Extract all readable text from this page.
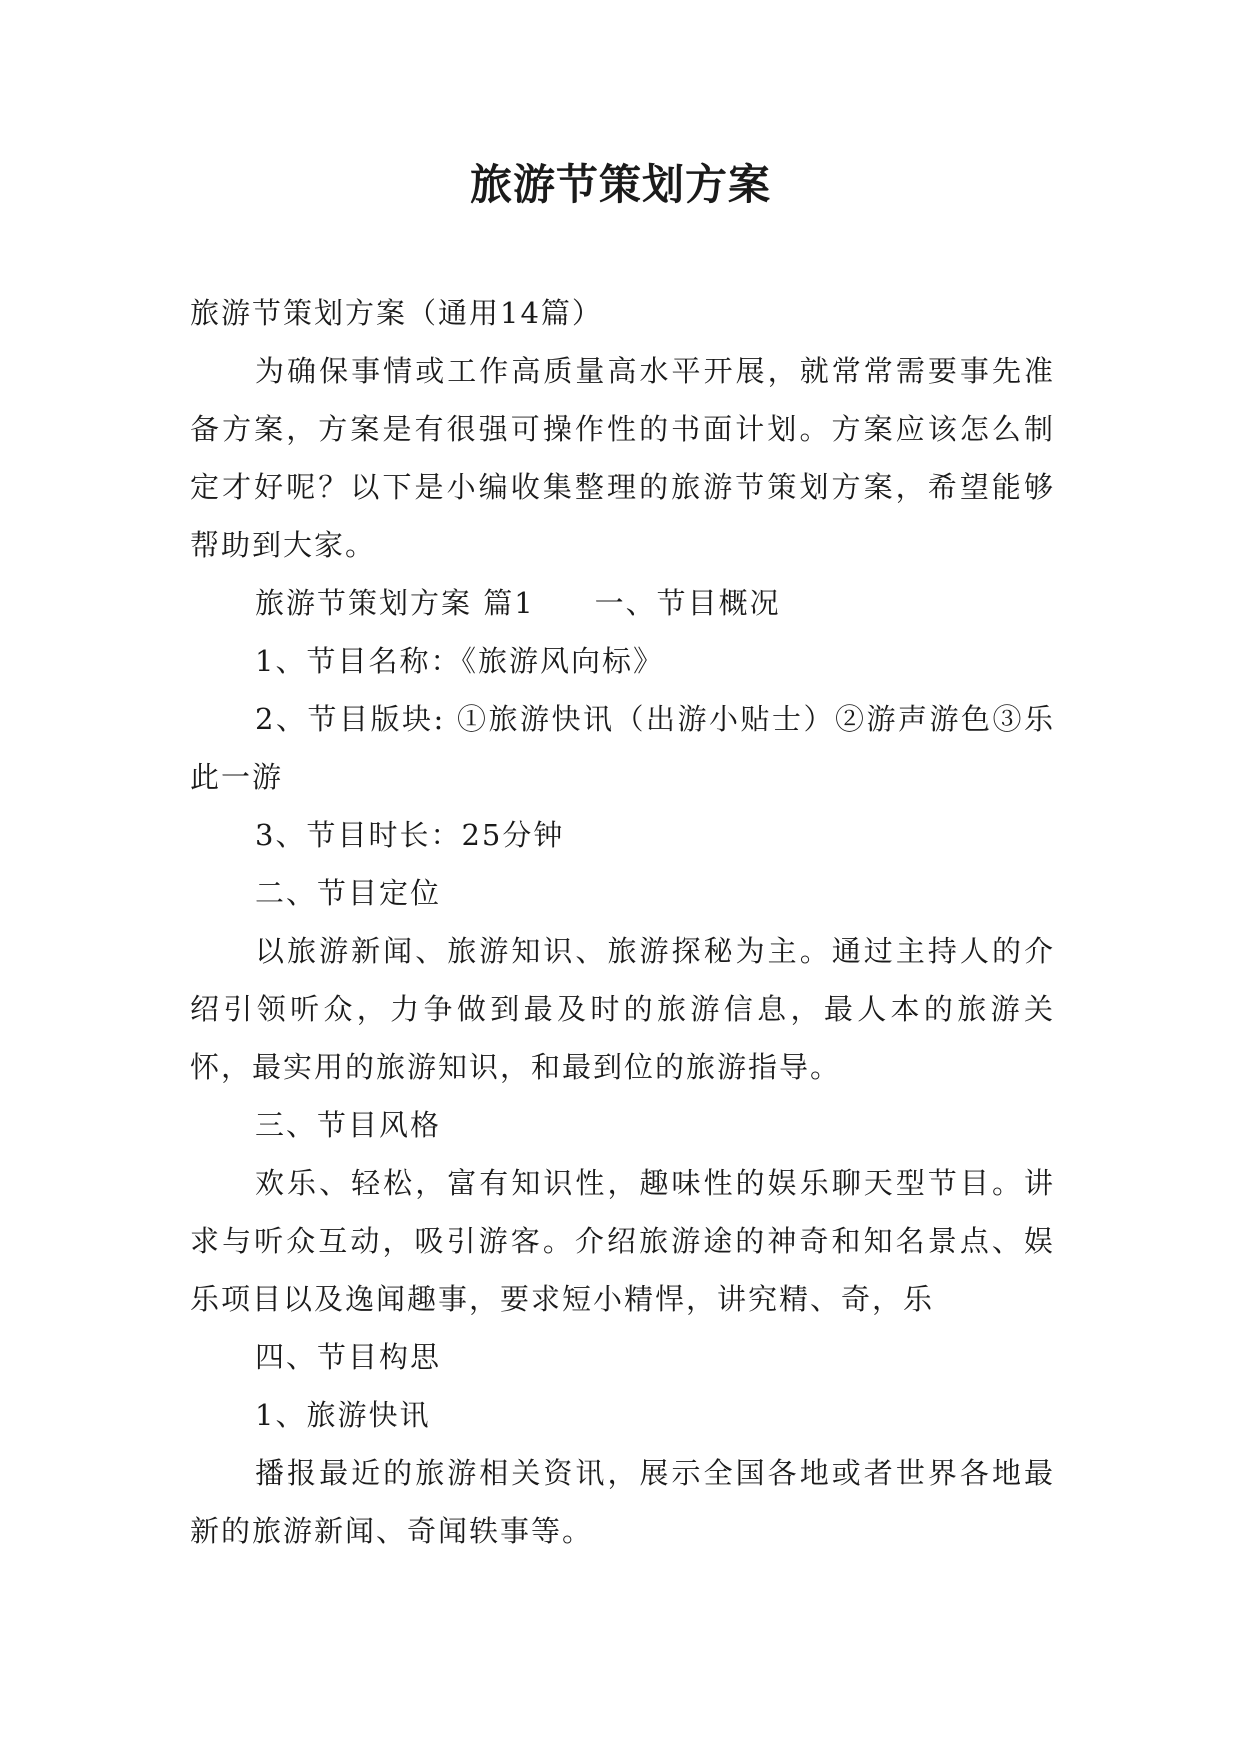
旅游节策划方案

旅游节策划方案（通用14篇）

为确保事情或工作高质量高水平开展，就常常需要事先准备方案，方案是有很强可操作性的书面计划。方案应该怎么制定才好呢？以下是小编收集整理的旅游节策划方案，希望能够帮助到大家。

旅游节策划方案 篇1 一、节目概况

1、节目名称：《旅游风向标》

2、节目版块: ①旅游快讯（出游小贴士）②游声游色③乐此一游

3、节目时长：25分钟

二、节目定位

以旅游新闻、旅游知识、旅游探秘为主。通过主持人的介绍引领听众，力争做到最及时的旅游信息，最人本的旅游关怀，最实用的旅游知识，和最到位的旅游指导。

三、节目风格

欢乐、轻松，富有知识性，趣味性的娱乐聊天型节目。讲求与听众互动，吸引游客。介绍旅游途的神奇和知名景点、娱乐项目以及逸闻趣事，要求短小精悍，讲究精、奇，乐

四、节目构思

1、旅游快讯

播报最近的旅游相关资讯，展示全国各地或者世界各地最新的旅游新闻、奇闻轶事等。
